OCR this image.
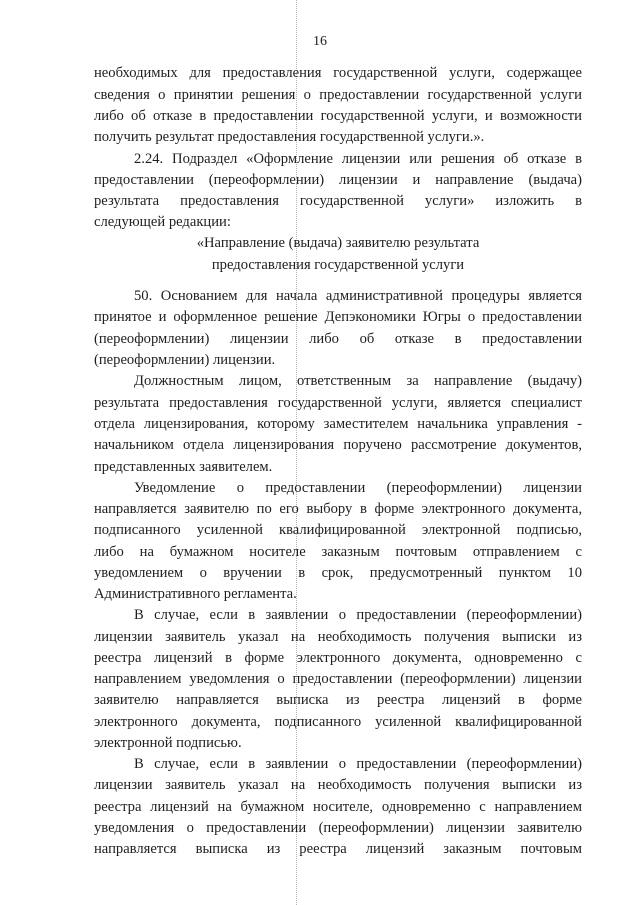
16
необходимых для предоставления государственной услуги, содержащее
сведения о принятии решения о предоставлении государственной услуги
либо об отказе в предоставлении государственной услуги, и возможности
получить результат предоставления государственной услуги.».
2.24. Подраздел «Оформление лицензии или решения об отказе в
предоставлении (переоформлении) лицензии и направление (выдача)
результата предоставления государственной услуги» изложить в
следующей редакции:
«Направление (выдача) заявителю результата
предоставления государственной услуги
50. Основанием для начала административной процедуры является
принятое и оформленное решение Депэкономики Югры о предоставлении
(переоформлении) лицензии либо об отказе в предоставлении
(переоформлении) лицензии.
Должностным лицом, ответственным за направление (выдачу)
результата предоставления государственной услуги, является специалист
отдела лицензирования, которому заместителем начальника управления -
начальником отдела лицензирования поручено рассмотрение документов,
представленных заявителем.
Уведомление о предоставлении (переоформлении) лицензии
направляется заявителю по его выбору в форме электронного документа,
подписанного усиленной квалифицированной электронной подписью,
либо на бумажном носителе заказным почтовым отправлением с
уведомлением о вручении в срок, предусмотренный пунктом 10
Административного регламента.
В случае, если в заявлении о предоставлении (переоформлении)
лицензии заявитель указал на необходимость получения выписки из
реестра лицензий в форме электронного документа, одновременно с
направлением уведомления о предоставлении (переоформлении) лицензии
заявителю направляется выписка из реестра лицензий в форме
электронного документа, подписанного усиленной квалифицированной
электронной подписью.
В случае, если в заявлении о предоставлении (переоформлении)
лицензии заявитель указал на необходимость получения выписки из
реестра лицензий на бумажном носителе, одновременно с направлением
уведомления о предоставлении (переоформлении) лицензии заявителю
направляется выписка из реестра лицензий заказным почтовым
